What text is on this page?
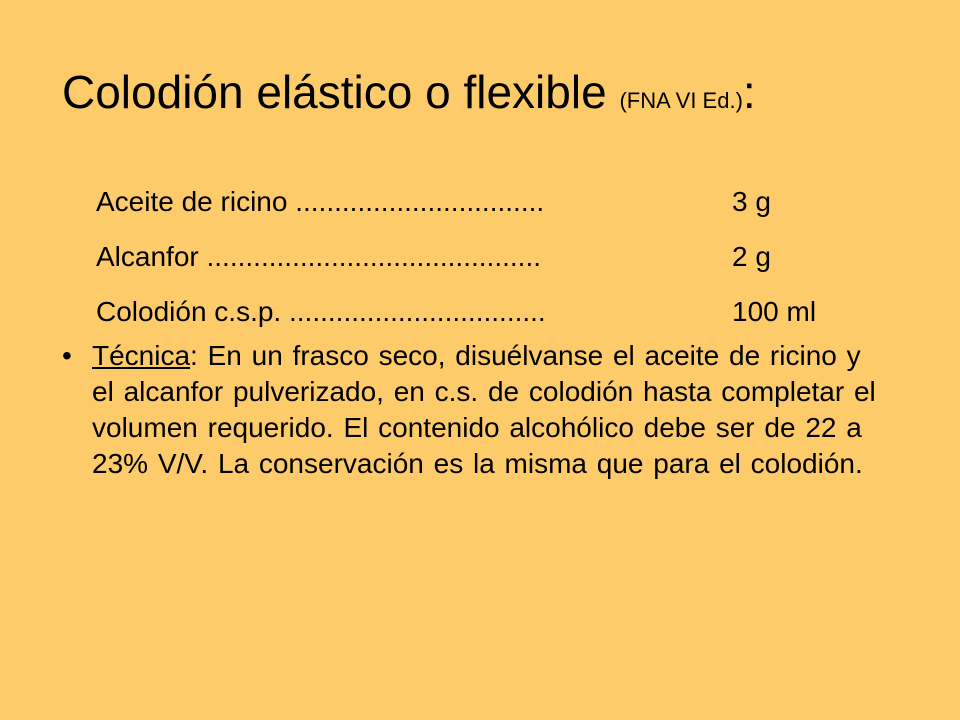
Colodión elástico o flexible (FNA VI Ed.):
Aceite de ricino ................................	3 g
Alcanfor ...........................................	2 g
Colodión c.s.p. .................................	100 ml
• Técnica: En un frasco seco, disuélvanse el aceite de ricino y el alcanfor pulverizado, en c.s. de colodión hasta completar el volumen requerido. El contenido alcohólico debe ser de 22 a 23% V/V. La conservación es la misma que para el colodión.
